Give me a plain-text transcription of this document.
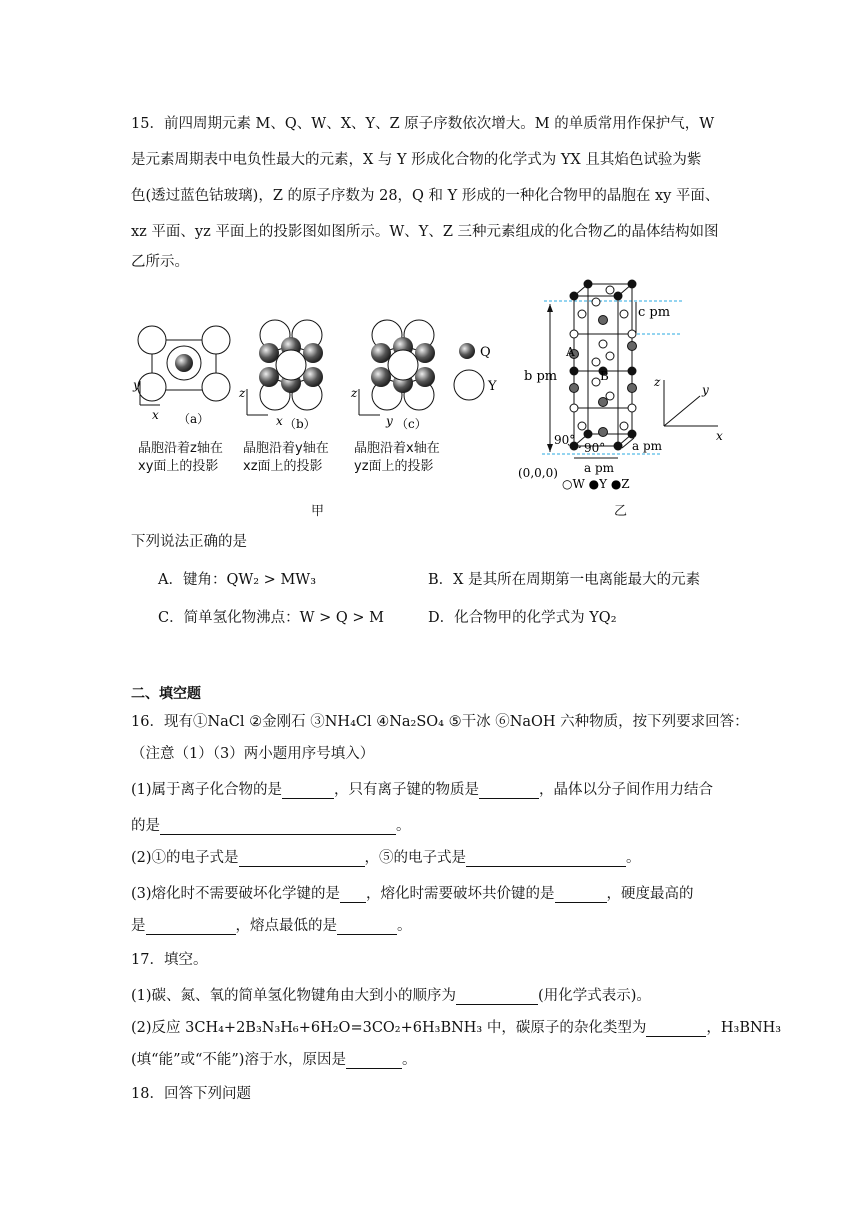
15．前四周期元素 M、Q、W、X、Y、Z 原子序数依次增大。M 的单质常用作保护气，W
是元素周期表中电负性最大的元素，X 与 Y 形成化合物的化学式为 YX 且其焰色试验为紫
色(透过蓝色钴玻璃)，Z 的原子序数为 28，Q 和 Y 形成的一种化合物甲的晶胞在 xy 平面、
xz 平面、yz 平面上的投影图如图所示。W、Y、Z 三种元素组成的化合物乙的晶体结构如图
乙所示。
y
x （a）
z
x （b）
z
y （c）
Q
Y
晶胞沿着z轴在
xy面上的投影
晶胞沿着y轴在
xz面上的投影
晶胞沿着x轴在
yz面上的投影
甲
b pm
c pm
A
B
90°
90°
a pm
a pm
(0,0,0)
○W ●Y ●Z
z
y
x
乙
下列说法正确的是
A．键角：QW₂ > MW₃	B．X 是其所在周期第一电离能最大的元素
C．简单氢化物沸点：W > Q > M	D．化合物甲的化学式为 YQ₂
二、填空题
16．现有①NaCl ②金刚石 ③NH₄Cl ④Na₂SO₄ ⑤干冰 ⑥NaOH 六种物质，按下列要求回答：
（注意（1）（3）两小题用序号填入）
(1)属于离子化合物的是	，只有离子键的物质是	，晶体以分子间作用力结合
的是	。
(2)①的电子式是	，⑤的电子式是	。
(3)熔化时不需要破坏化学键的是 ，熔化时需要破坏共价键的是	，硬度最高的
是	，熔点最低的是	。
17．填空。
(1)碳、氮、氧的简单氢化物键角由大到小的顺序为	(用化学式表示)。
(2)反应 3CH₄+2B₃N₃H₆+6H₂O=3CO₂+6H₃BNH₃ 中，碳原子的杂化类型为	，H₃BNH₃
(填“能”或“不能”)溶于水，原因是	。
18．回答下列问题
